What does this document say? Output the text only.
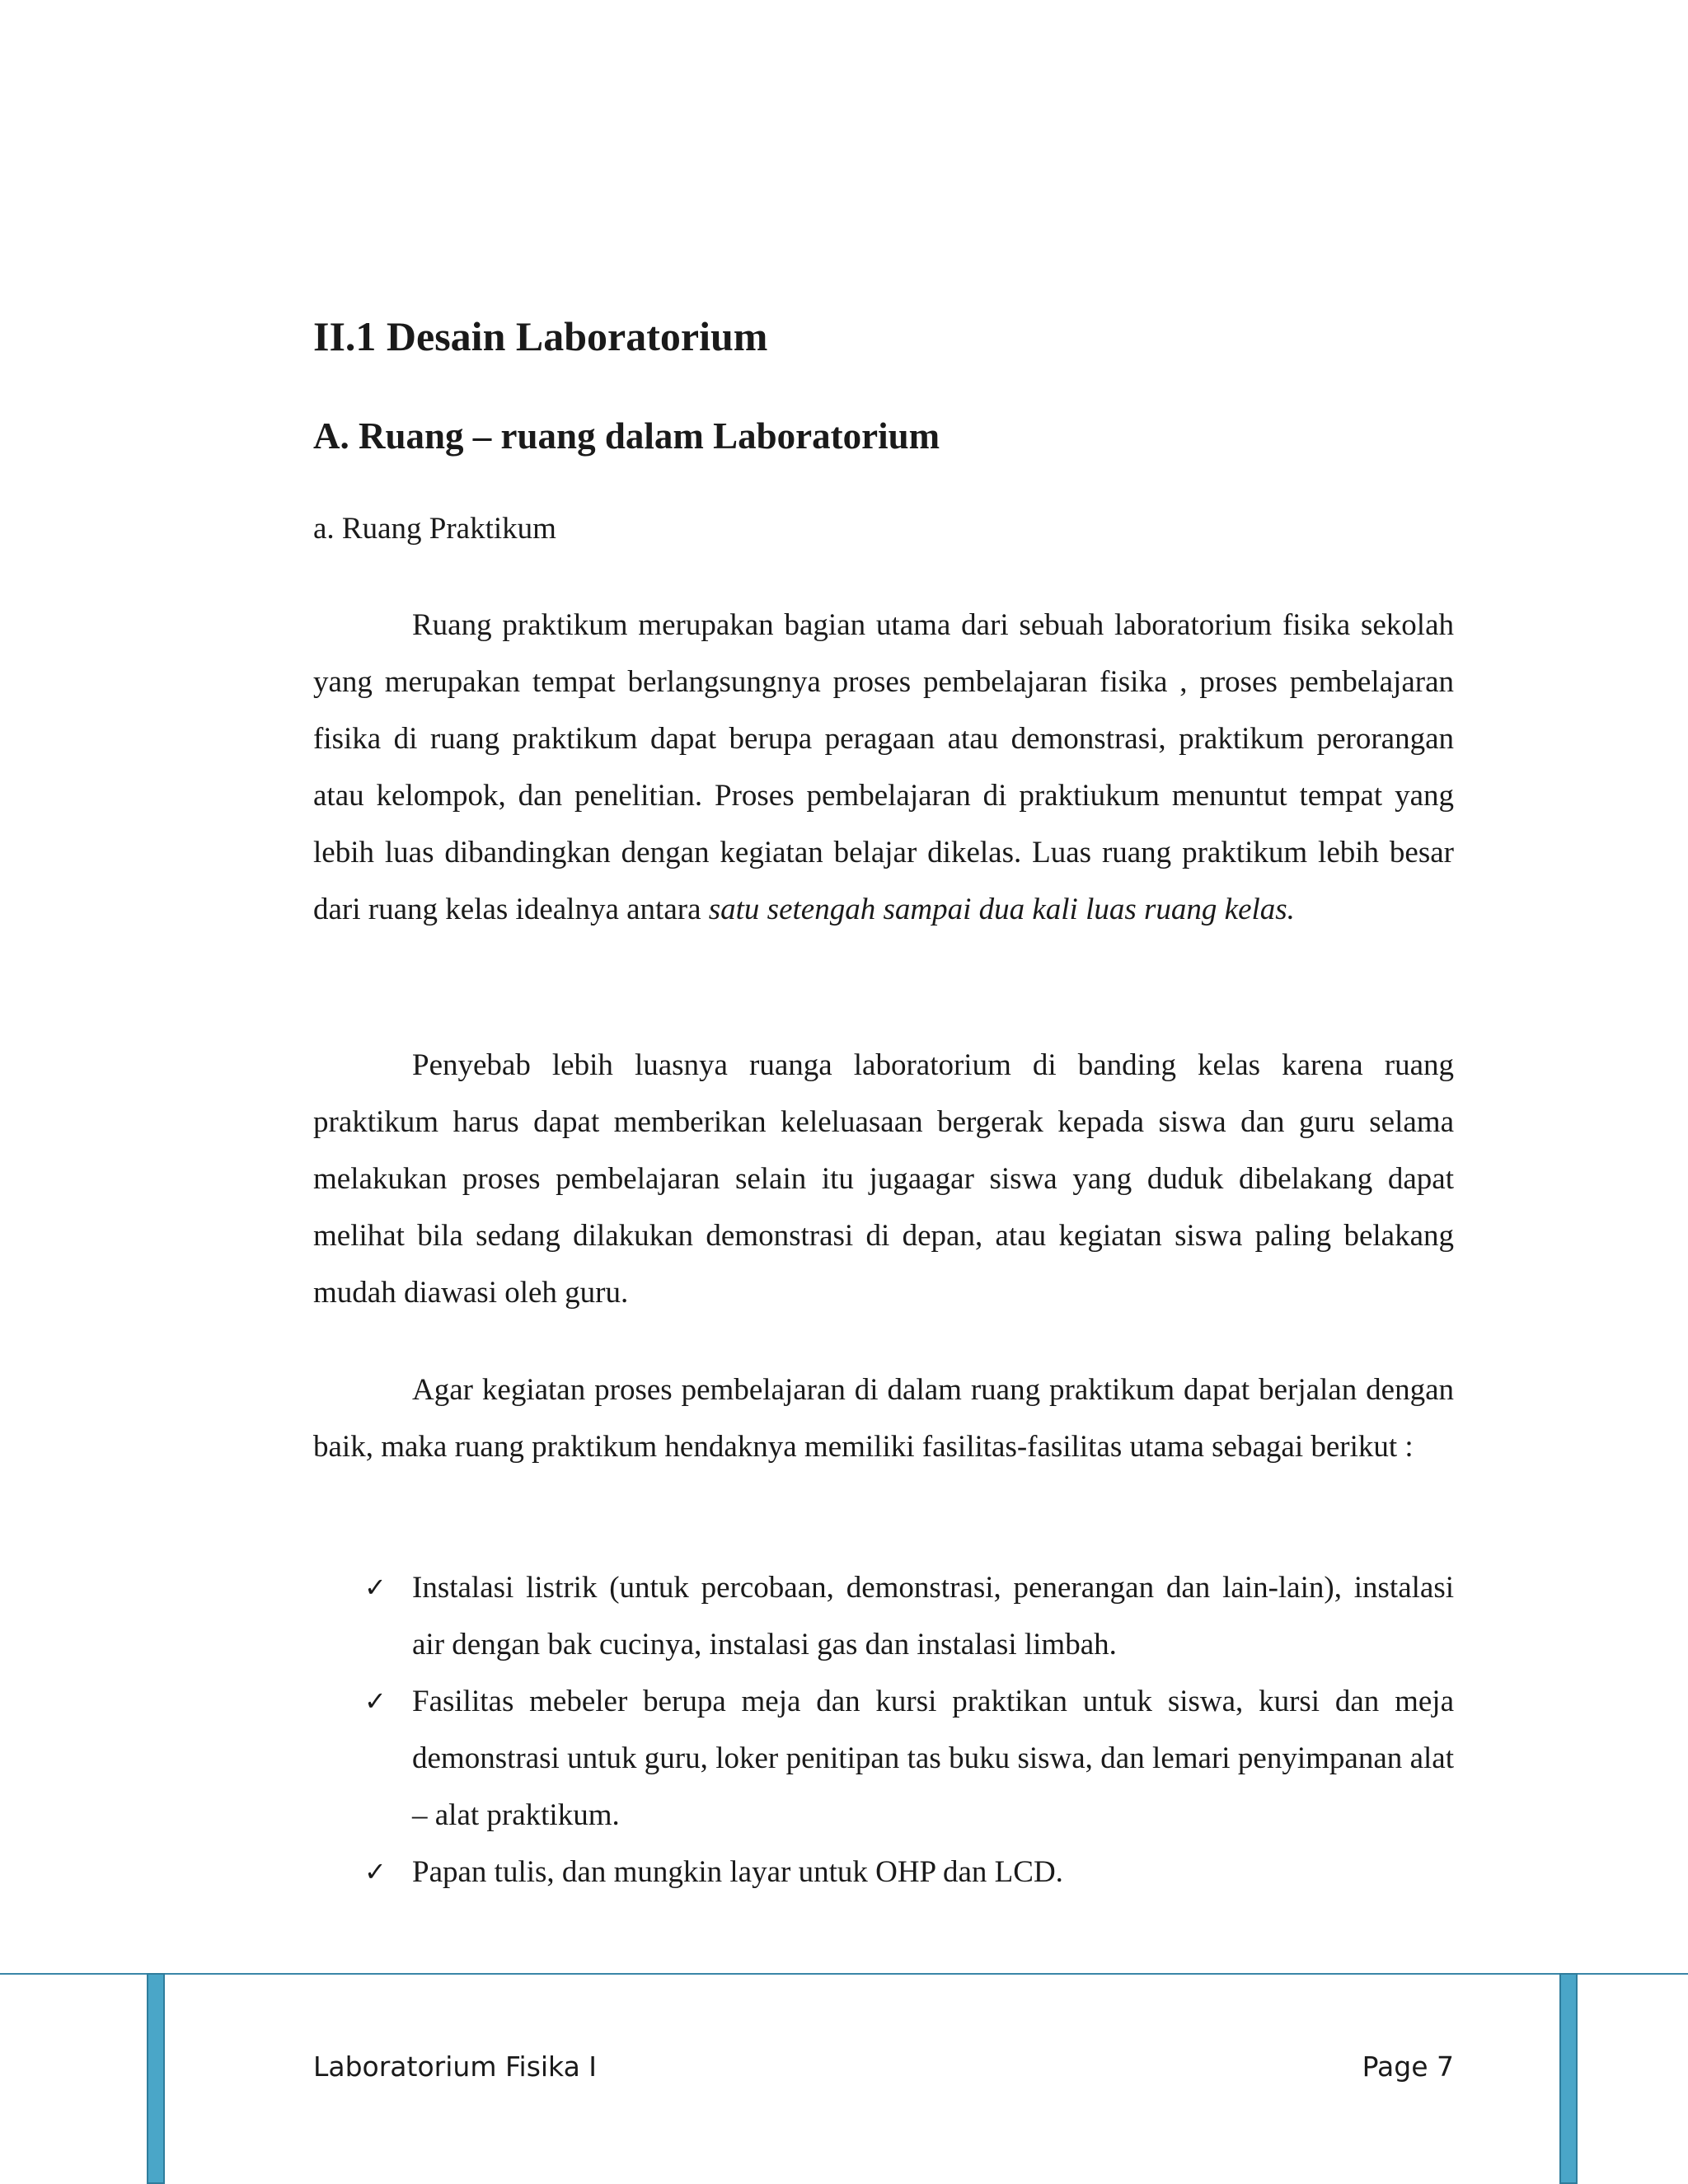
II.1 Desain Laboratorium
A. Ruang – ruang dalam Laboratorium
a. Ruang Praktikum

Ruang praktikum merupakan bagian utama dari sebuah laboratorium fisika sekolah yang merupakan tempat berlangsungnya proses pembelajaran fisika , proses pembelajaran fisika di ruang praktikum dapat berupa peragaan atau demonstrasi, praktikum perorangan atau kelompok, dan penelitian. Proses pembelajaran di praktiukum menuntut tempat yang lebih luas dibandingkan dengan kegiatan belajar dikelas. Luas ruang praktikum lebih besar dari ruang kelas idealnya antara satu setengah sampai dua kali luas ruang kelas.

Penyebab lebih luasnya ruanga laboratorium di banding kelas karena ruang praktikum harus dapat memberikan keleluasaan bergerak kepada siswa dan guru selama melakukan proses pembelajaran selain itu jugaagar siswa yang duduk dibelakang dapat melihat bila sedang dilakukan demonstrasi di depan, atau kegiatan siswa paling belakang mudah diawasi oleh guru.

Agar kegiatan proses pembelajaran di dalam ruang praktikum dapat berjalan dengan baik, maka ruang praktikum hendaknya memiliki fasilitas-fasilitas utama sebagai berikut :

✓ Instalasi listrik (untuk percobaan, demonstrasi, penerangan dan lain-lain), instalasi air dengan bak cucinya, instalasi gas dan instalasi limbah.
✓ Fasilitas mebeler berupa meja dan kursi praktikan untuk siswa, kursi dan meja demonstrasi untuk guru, loker penitipan tas buku siswa, dan lemari penyimpanan alat – alat praktikum.
✓ Papan tulis, dan mungkin layar untuk OHP dan LCD.
Laboratorium Fisika I	Page 7
